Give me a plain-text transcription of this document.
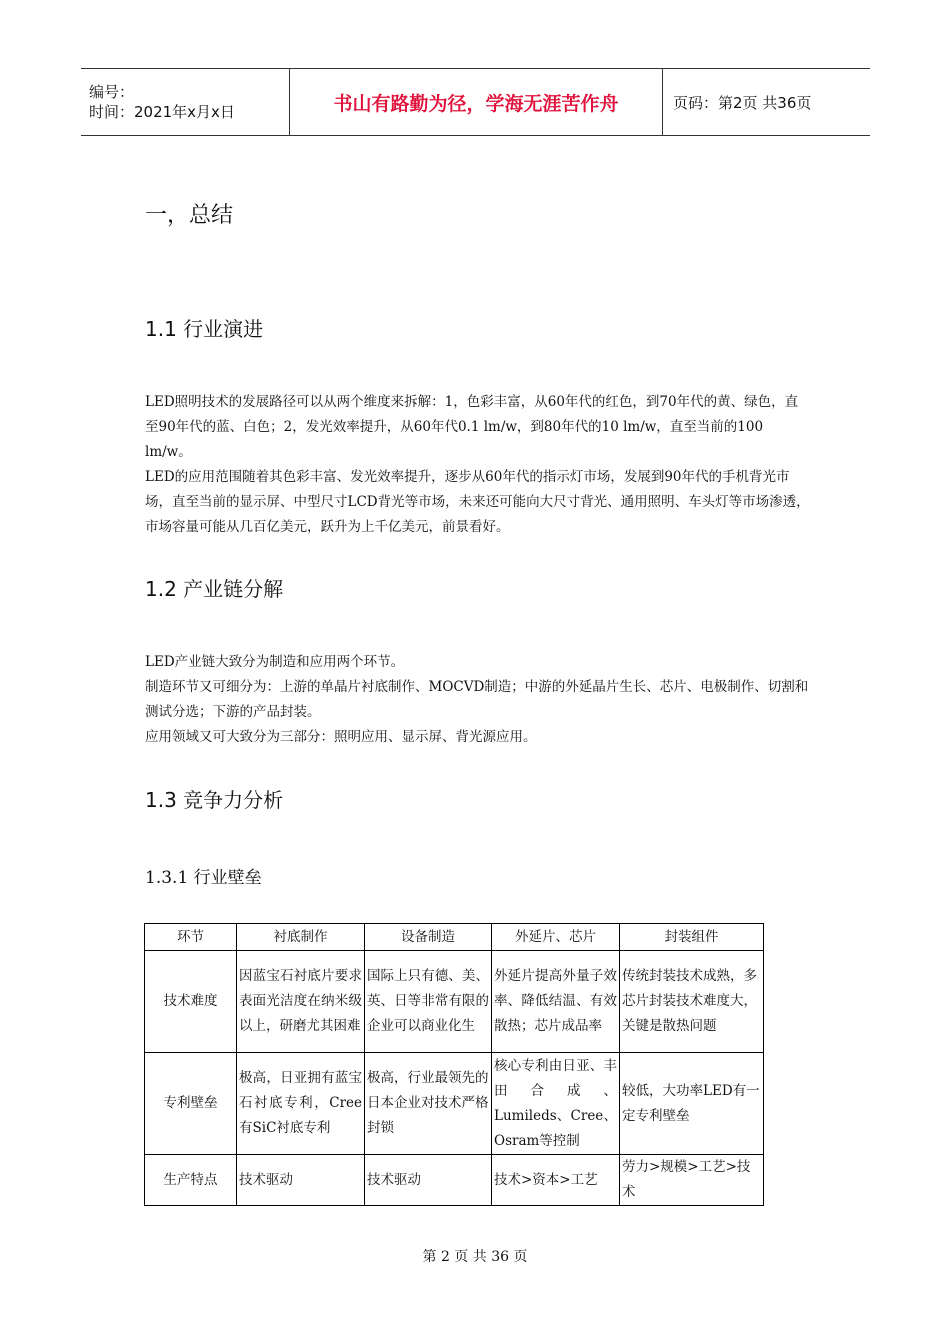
编号：
时间：2021年x月x日	书山有路勤为径，学海无涯苦作舟	页码：第2页 共36页
一，总结
1.1 行业演进
LED照明技术的发展路径可以从两个维度来拆解：1，色彩丰富，从60年代的红色，到70年代的黄、绿色，直至90年代的蓝、白色；2，发光效率提升，从60年代0.1 lm/w，到80年代的10 lm/w，直至当前的100 lm/w。
LED的应用范围随着其色彩丰富、发光效率提升，逐步从60年代的指示灯市场，发展到90年代的手机背光市场，直至当前的显示屏、中型尺寸LCD背光等市场，未来还可能向大尺寸背光、通用照明、车头灯等市场渗透，市场容量可能从几百亿美元，跃升为上千亿美元，前景看好。
1.2 产业链分解
LED产业链大致分为制造和应用两个环节。
制造环节又可细分为：上游的单晶片衬底制作、MOCVD制造；中游的外延晶片生长、芯片、电极制作、切割和测试分选；下游的产品封装。
应用领域又可大致分为三部分：照明应用、显示屏、背光源应用。
1.3 竞争力分析
1.3.1 行业壁垒
环节	衬底制作	设备制造	外延片、芯片	封装组件
技术难度	因蓝宝石衬底片要求表面光洁度在纳米级以上，研磨尤其困难	国际上只有德、美、英、日等非常有限的企业可以商业化生	外延片提高外量子效率、降低结温、有效散热；芯片成品率	传统封装技术成熟，多芯片封装技术难度大，关键是散热问题
专利壁垒	极高，日亚拥有蓝宝石衬底专利，Cree有SiC衬底专利	极高，行业最领先的日本企业对技术严格封锁	核心专利由日亚、丰田合成、Lumileds、Cree、Osram等控制	较低，大功率LED有一定专利壁垒
生产特点	技术驱动	技术驱动	技术>资本>工艺	劳力>规模>工艺>技术
第 2 页 共 36 页
